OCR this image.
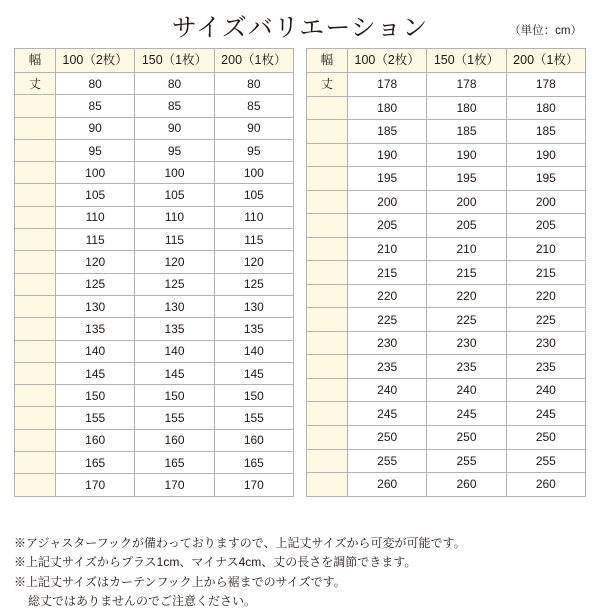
サイズバリエーション	（単位：cm）
幅	100（2枚）	150（1枚）	200（1枚）
丈	80	80	80
	85	85	85
	90	90	90
	95	95	95
	100	100	100
	105	105	105
	110	110	110
	115	115	115
	120	120	120
	125	125	125
	130	130	130
	135	135	135
	140	140	140
	145	145	145
	150	150	150
	155	155	155
	160	160	160
	165	165	165
	170	170	170
幅	100（2枚）	150（1枚）	200（1枚）
丈	178	178	178
	180	180	180
	185	185	185
	190	190	190
	195	195	195
	200	200	200
	205	205	205
	210	210	210
	215	215	215
	220	220	220
	225	225	225
	230	230	230
	235	235	235
	240	240	240
	245	245	245
	250	250	250
	255	255	255
	260	260	260
※アジャスターフックが備わっておりますので、上記丈サイズから可変が可能です。
※上記丈サイズからプラス1cm、マイナス4cm、丈の長さを調節できます。
※上記丈サイズはカーテンフック上から裾までのサイズです。
総丈ではありませんのでご注意ください。
